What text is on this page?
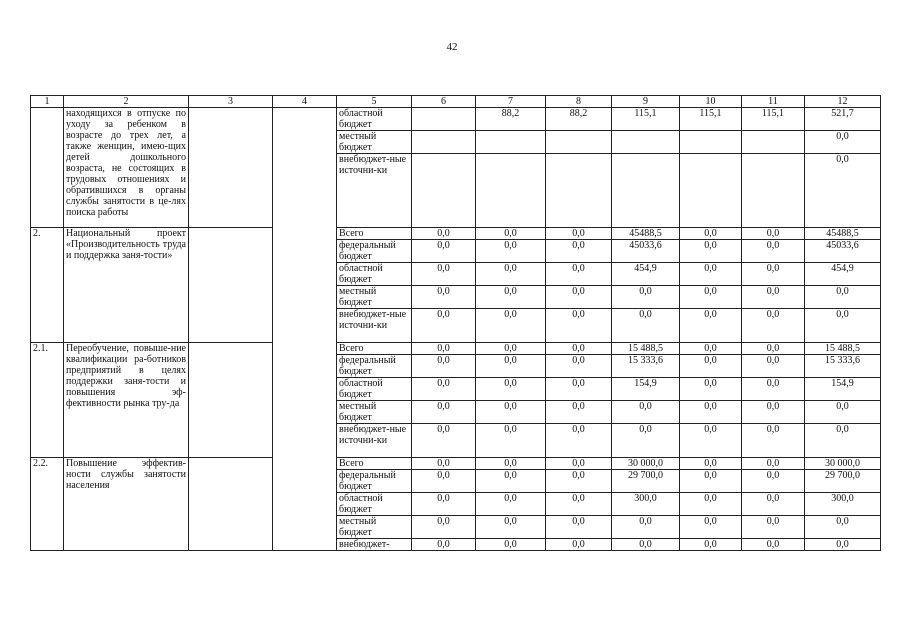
42
1	2	3	4	5	6	7	8	9	10	11	12
	находящихся в отпуске по уходу за ребенком в возрасте до трех лет, а также женщин, имею-щих детей дошкольного возраста, не состоящих в трудовых отношениях и обратившихся в органы службы занятости в це-лях поиска работы			областной бюджет		88,2	88,2	115,1	115,1	115,1	521,7
				местный бюджет							0,0
				внебюджет-ные источни-ки							0,0
2.	Национальный проект «Производительность труда и поддержка заня-тости»			Всего	0,0	0,0	0,0	45488,5	0,0	0,0	45488,5
				федеральный бюджет	0,0	0,0	0,0	45033,6	0,0	0,0	45033,6
				областной бюджет	0,0	0,0	0,0	454,9	0,0	0,0	454,9
				местный бюджет	0,0	0,0	0,0	0,0	0,0	0,0	0,0
				внебюджет-ные источни-ки	0,0	0,0	0,0	0,0	0,0	0,0	0,0
2.1.	Переобучение, повыше-ние квалификации ра-ботников предприятий в целях поддержки заня-тости и повышения эф-фективности рынка тру-да			Всего	0,0	0,0	0,0	15 488,5	0,0	0,0	15 488,5
				федеральный бюджет	0,0	0,0	0,0	15 333,6	0,0	0,0	15 333,6
				областной бюджет	0,0	0,0	0,0	154,9	0,0	0,0	154,9
				местный бюджет	0,0	0,0	0,0	0,0	0,0	0,0	0,0
				внебюджет-ные источни-ки	0,0	0,0	0,0	0,0	0,0	0,0	0,0
2.2.	Повышение эффектив-ности службы занятости населения			Всего	0,0	0,0	0,0	30 000,0	0,0	0,0	30 000,0
				федеральный бюджет	0,0	0,0	0,0	29 700,0	0,0	0,0	29 700,0
				областной бюджет	0,0	0,0	0,0	300,0	0,0	0,0	300,0
				местный бюджет	0,0	0,0	0,0	0,0	0,0	0,0	0,0
				внебюджет-	0,0	0,0	0,0	0,0	0,0	0,0	0,0
